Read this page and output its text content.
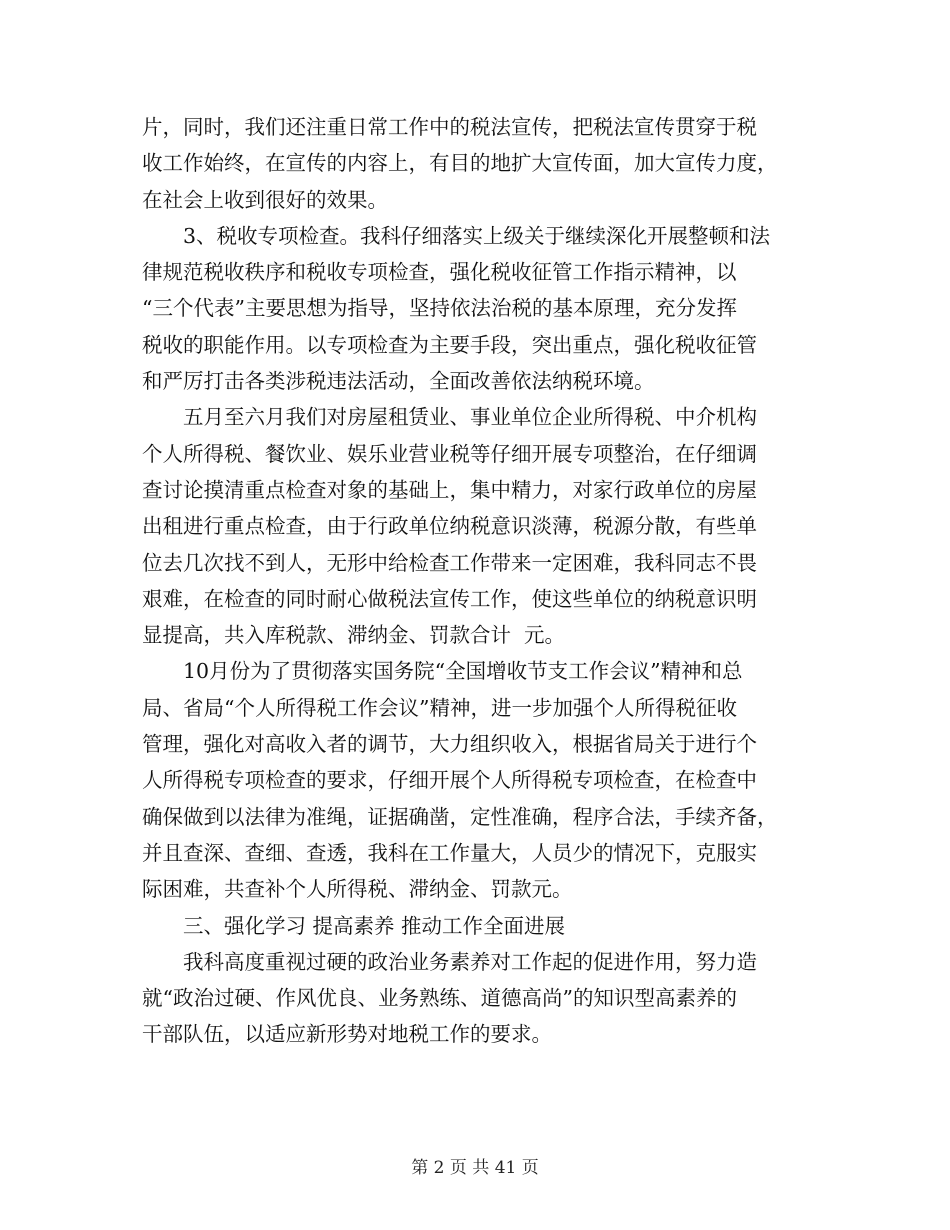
片，同时，我们还注重日常工作中的税法宣传，把税法宣传贯穿于税
收工作始终，在宣传的内容上，有目的地扩大宣传面，加大宣传力度，
在社会上收到很好的效果。
　　3、税收专项检查。我科仔细落实上级关于继续深化开展整顿和法
律规范税收秩序和税收专项检查，强化税收征管工作指示精神，以
“三个代表”主要思想为指导，坚持依法治税的基本原理，充分发挥
税收的职能作用。以专项检查为主要手段，突出重点，强化税收征管
和严厉打击各类涉税违法活动，全面改善依法纳税环境。
　　五月至六月我们对房屋租赁业、事业单位企业所得税、中介机构
个人所得税、餐饮业、娱乐业营业税等仔细开展专项整治，在仔细调
查讨论摸清重点检查对象的基础上，集中精力，对家行政单位的房屋
出租进行重点检查，由于行政单位纳税意识淡薄，税源分散，有些单
位去几次找不到人，无形中给检查工作带来一定困难，我科同志不畏
艰难，在检查的同时耐心做税法宣传工作，使这些单位的纳税意识明
显提高，共入库税款、滞纳金、罚款合计  元。
　　10月份为了贯彻落实国务院“全国增收节支工作会议”精神和总
局、省局“个人所得税工作会议”精神，进一步加强个人所得税征收
管理，强化对高收入者的调节，大力组织收入，根据省局关于进行个
人所得税专项检查的要求，仔细开展个人所得税专项检查，在检查中
确保做到以法律为准绳，证据确凿，定性准确，程序合法，手续齐备，
并且查深、查细、查透，我科在工作量大，人员少的情况下，克服实
际困难，共查补个人所得税、滞纳金、罚款元。
　　三、强化学习 提高素养 推动工作全面进展
　　我科高度重视过硬的政治业务素养对工作起的促进作用，努力造
就“政治过硬、作风优良、业务熟练、道德高尚”的知识型高素养的
干部队伍，以适应新形势对地税工作的要求。
第 2 页 共 41 页
